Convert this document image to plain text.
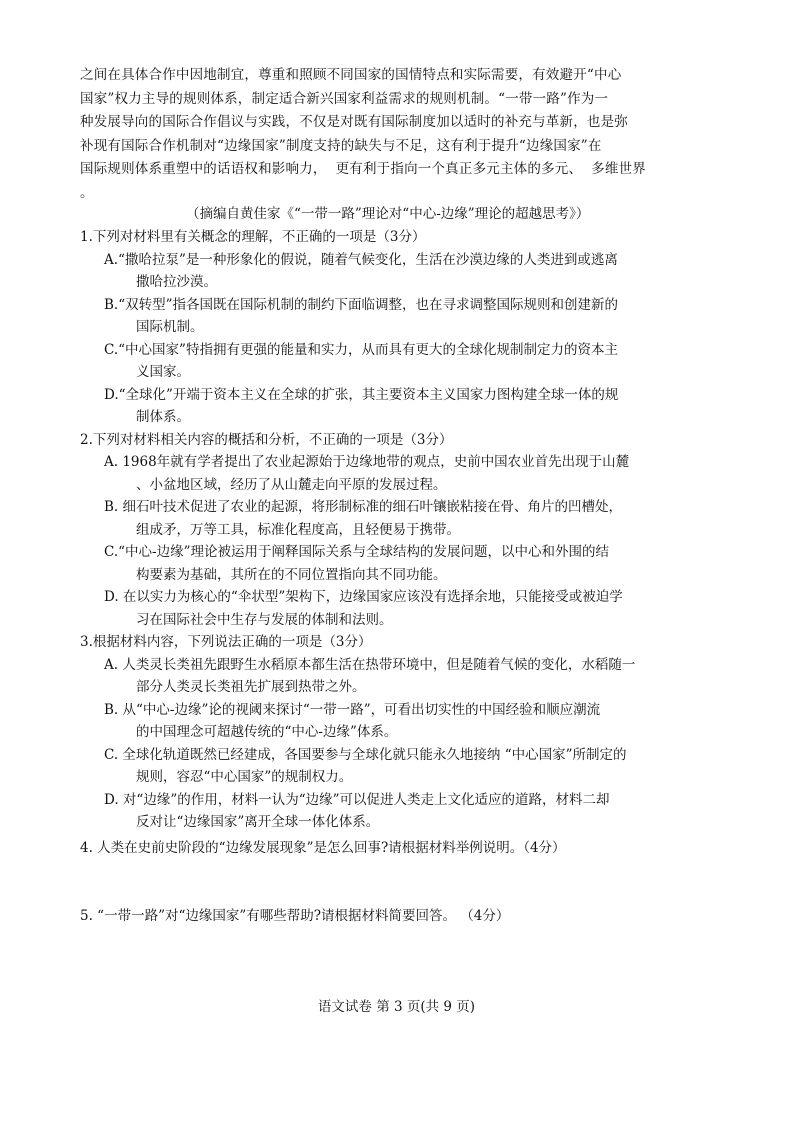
之间在具体合作中因地制宜，尊重和照顾不同国家的国情特点和实际需要，有效避开“中心

国家”权力主导的规则体系，制定适合新兴国家利益需求的规则机制。“一带一路”作为一

种发展导向的国际合作倡议与实践，不仅是对既有国际制度加以适时的补充与革新，也是弥

补现有国际合作机制对“边缘国家”制度支持的缺失与不足，这有利于提升“边缘国家”在

国际规则体系重塑中的话语权和影响力，  更有利于指向一个真正多元主体的多元、  多维世界

。

（摘编自黄佳家《“一带一路”理论对“中心-边缘”理论的超越思考》）
1.下列对材料里有关概念的理解，不正确的一项是（3分）
A.“撒哈拉泵”是一种形象化的假说，随着气候变化，生活在沙漠边缘的人类进到或逃离
撒哈拉沙漠。
B.“双转型”指各国既在国际机制的制约下面临调整，也在寻求调整国际规则和创建新的
国际机制。
C.“中心国家”特指拥有更强的能量和实力，从而具有更大的全球化规制制定力的资本主
义国家。
D.“全球化”开端于资本主义在全球的扩张，其主要资本主义国家力图构建全球一体的规
制体系。
2.下列对材料相关内容的概括和分析，不正确的一项是（3分）
A. 1968年就有学者提出了农业起源始于边缘地带的观点，史前中国农业首先出现于山麓
、小盆地区域，经历了从山麓走向平原的发展过程。
B. 细石叶技术促进了农业的起源，将形制标准的细石叶镶嵌粘接在骨、角片的凹槽处，
组成矛，万等工具，标准化程度高，且轻便易于携带。
C.“中心-边缘”理论被运用于阐释国际关系与全球结构的发展问题，以中心和外围的结
构要素为基础，其所在的不同位置指向其不同功能。
D. 在以实力为核心的“伞状型”架构下，边缘国家应该没有选择余地，只能接受或被迫学
习在国际社会中生存与发展的体制和法则。
3.根据材料内容，下列说法正确的一项是（3分）
A. 人类灵长类祖先跟野生水稻原本都生活在热带环境中，但是随着气候的变化，水稻随一
部分人类灵长类祖先扩展到热带之外。
B. 从“中心-边缘”论的视阈来探讨“一带一路”，可看出切实性的中国经验和顺应潮流
的中国理念可超越传统的“中心-边缘”体系。
C. 全球化轨道既然已经建成，各国要参与全球化就只能永久地接纳 “中心国家”所制定的
规则，容忍“中心国家”的规制权力。
D. 对“边缘”的作用，材料一认为“边缘”可以促进人类走上文化适应的道路，材料二却
反对让“边缘国家”离开全球一体化体系。
4. 人类在史前史阶段的“边缘发展现象”是怎么回事?请根据材料举例说明。（4分）
5. “一带一路”对“边缘国家”有哪些帮助?请根据材料简要回答。 （4分）
语文试卷 第 3 页(共 9 页)
